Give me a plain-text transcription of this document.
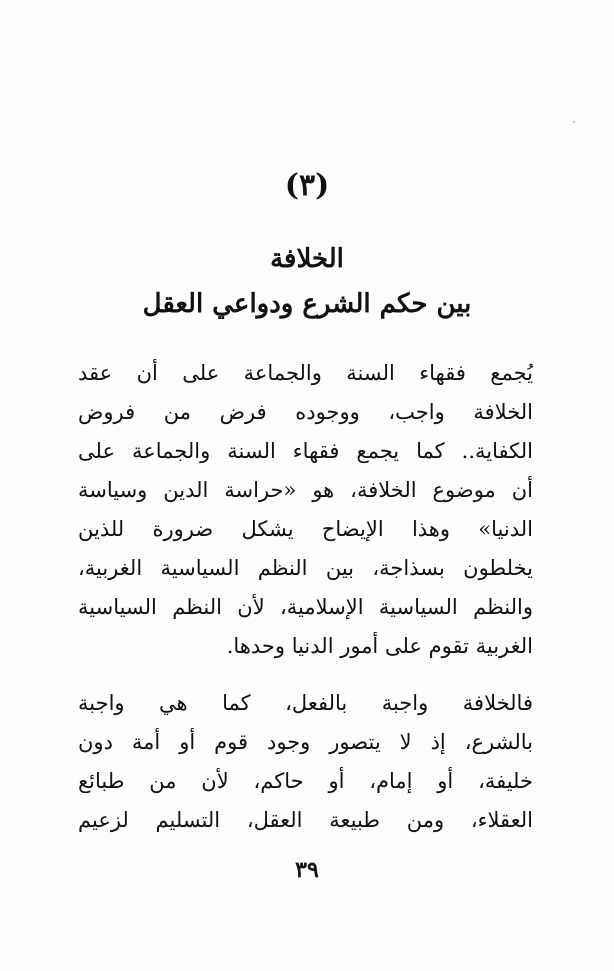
(٣)
الخلافة
بين حكم الشرع ودواعي العقل
يُجمع فقهاء السنة والجماعة على أن عقد
الخلافة واجب، ووجوده فرض من فروض
الكفاية.. كما يجمع فقهاء السنة والجماعة على
أن موضوع الخلافة، هو «حراسة الدين وسياسة
الدنيا» وهذا الإيضاح يشكل ضرورة للذين
يخلطون بسذاجة، بين النظم السياسية الغربية،
والنظم السياسية الإسلامية، لأن النظم السياسية
الغربية تقوم على أمور الدنيا وحدها.
فالخلافة واجبة بالفعل، كما هي واجبة
بالشرع، إذ لا يتصور وجود قوم أو أمة دون
خليفة، أو إمام، أو حاكم، لأن من طبائع
العقلاء، ومن طبيعة العقل، التسليم لزعيم
٣٩
